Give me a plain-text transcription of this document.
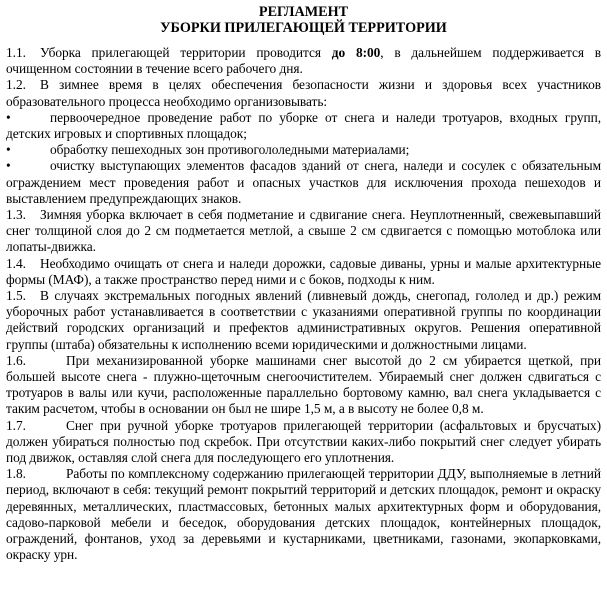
РЕГЛАМЕНТ

УБОРКИ ПРИЛЕГАЮЩЕЙ ТЕРРИТОРИИ

1.1. Уборка прилегающей территории проводится до 8:00, в дальнейшем поддерживается в очищенном состоянии в течение всего рабочего дня.

1.2. В зимнее время в целях обеспечения безопасности жизни и здоровья всех участников образовательного процесса необходимо организовывать:

•	первоочередное проведение работ по уборке от снега и наледи тротуаров, входных групп, детских игровых и спортивных площадок;

•	обработку пешеходных зон противогололедными материалами;

•	очистку выступающих элементов фасадов зданий от снега, наледи и сосулек с обязательным ограждением мест проведения работ и опасных участков для исключения прохода пешеходов и выставлением предупреждающих знаков.

1.3. Зимняя уборка включает в себя подметание и сдвигание снега. Неуплотненный, свежевыпавший снег толщиной слоя до 2 см подметается метлой, а свыше 2 см сдвигается с помощью мотоблока или лопаты-движка.

1.4. Необходимо очищать от снега и наледи дорожки, садовые диваны, урны и малые архитектурные формы (МАФ), а также пространство перед ними и с боков, подходы к ним.

1.5. В случаях экстремальных погодных явлений (ливневый дождь, снегопад, гололед и др.) режим уборочных работ устанавливается в соответствии с указаниями оперативной группы по координации действий городских организаций и префектов административных округов. Решения оперативной группы (штаба) обязательны к исполнению всеми юридическими и должностными лицами.

1.6.	При механизированной уборке машинами снег высотой до 2 см убирается щеткой, при большей высоте снега - плужно-щеточным снегоочистителем. Убираемый снег должен сдвигаться с тротуаров в валы или кучи, расположенные параллельно бортовому камню, вал снега укладывается с таким расчетом, чтобы в основании он был не шире 1,5 м, а в высоту не более 0,8 м.

1.7.	Снег при ручной уборке тротуаров прилегающей территории (асфальтовых и брусчатых) должен убираться полностью под скребок. При отсутствии каких-либо покрытий снег следует убирать под движок, оставляя слой снега для последующего его уплотнения.

1.8.	Работы по комплексному содержанию прилегающей территории ДДУ, выполняемые в летний период, включают в себя: текущий ремонт покрытий территорий и детских площадок, ремонт и окраску деревянных, металлических, пластмассовых, бетонных малых архитектурных форм и оборудования, садово-парковой мебели и беседок, оборудования детских площадок, контейнерных площадок, ограждений, фонтанов, уход за деревьями и кустарниками, цветниками, газонами, экопарковками, окраску урн.
